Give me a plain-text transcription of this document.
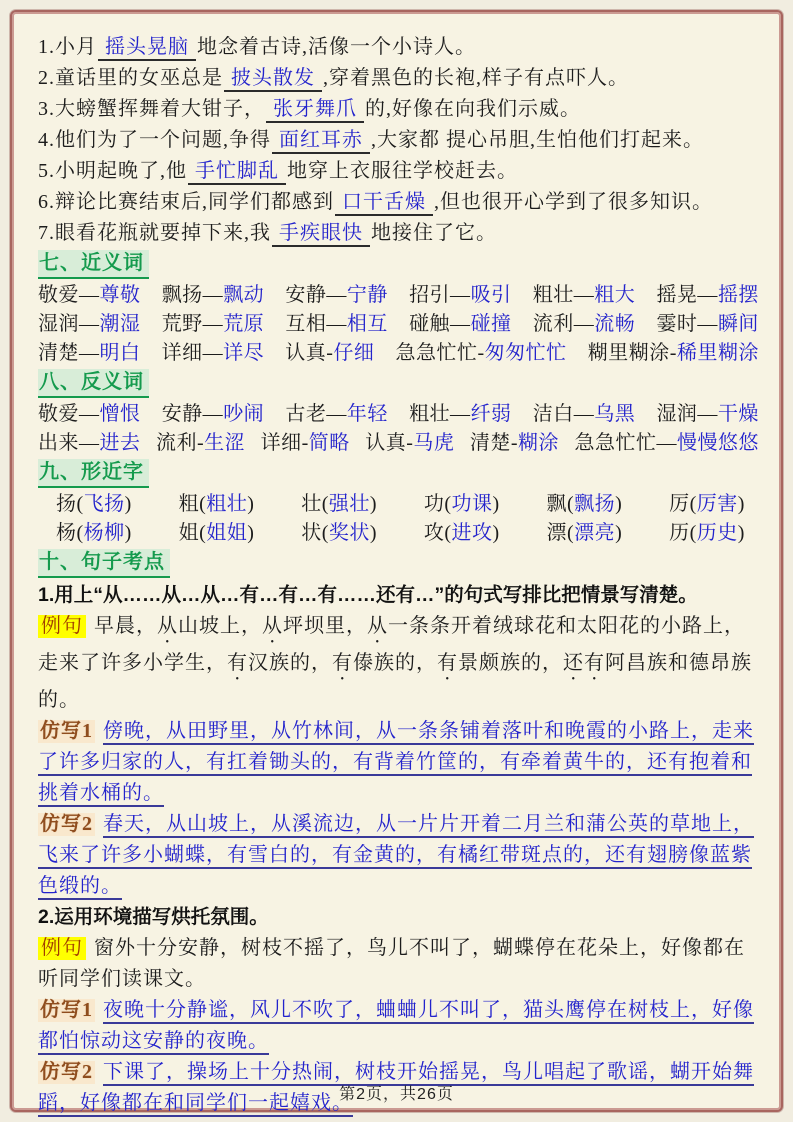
1.小月 摇头晃脑 地念着古诗,活像一个小诗人。

2.童话里的女巫总是 披头散发 ,穿着黑色的长袍,样子有点吓人。

3.大螃蟹挥舞着大钳子， 张牙舞爪 的,好像在向我们示威。

4.他们为了一个问题,争得 面红耳赤 ,大家都 提心吊胆,生怕他们打起来。

5.小明起晚了,他 手忙脚乱 地穿上衣服往学校赶去。

6.辩论比赛结束后,同学们都感到 口干舌燥 ,但也很开心学到了很多知识。

7.眼看花瓶就要掉下来,我 手疾眼快 地接住了它。

七、近义词
敬爱—尊敬 飘扬—飘动 安静—宁静 招引—吸引 粗壮—粗大 摇晃—摇摆
湿润—潮湿 荒野—荒原 互相—相互 碰触—碰撞 流利—流畅 霎时—瞬间
清楚—明白 详细—详尽 认真-仔细 急急忙忙-匆匆忙忙 糊里糊涂-稀里糊涂
八、反义词
敬爱—憎恨 安静—吵闹 古老—年轻 粗壮—纤弱 洁白—乌黑 湿润—干燥
出来—进去 流利-生涩 详细-简略 认真-马虎 清楚-糊涂 急急忙忙—慢慢悠悠
九、形近字
扬(飞扬) 粗(粗壮) 壮(强壮) 功(功课) 飘(飘扬) 厉(厉害)
杨(杨柳) 姐(姐姐) 状(奖状) 攻(进攻) 漂(漂亮) 历(历史)
十、句子考点

1.用上“从……从…从…有…有…有……还有…”的句式写排比把情景写清楚。

例句 早晨，从山坡上，从坪坝里，从一条条开着绒球花和太阳花的小路上，走来了许多小学生，有汉族的，有傣族的，有景颇族的，还有阿昌族和德昂族的。

仿写1 傍晚，从田野里，从竹林间，从一条条铺着落叶和晚霞的小路上，走来了许多归家的人，有扛着锄头的，有背着竹筐的，有牵着黄牛的，还有抱着和挑着水桶的。

仿写2 春天，从山坡上，从溪流边，从一片片开着二月兰和蒲公英的草地上，飞来了许多小蝴蝶，有雪白的，有金黄的，有橘红带斑点的，还有翅膀像蓝紫色缎的。

2.运用环境描写烘托氛围。

例句 窗外十分安静，树枝不摇了，鸟儿不叫了，蝴蝶停在花朵上，好像都在听同学们读课文。

仿写1 夜晚十分静谧，风儿不吹了，蛐蛐儿不叫了，猫头鹰停在树枝上，好像都怕惊动这安静的夜晚。

仿写2 下课了，操场上十分热闹，树枝开始摇晃，鸟儿唱起了歌谣，蝴开始舞蹈，好像都在和同学们一起嬉戏。

第2页，共26页
